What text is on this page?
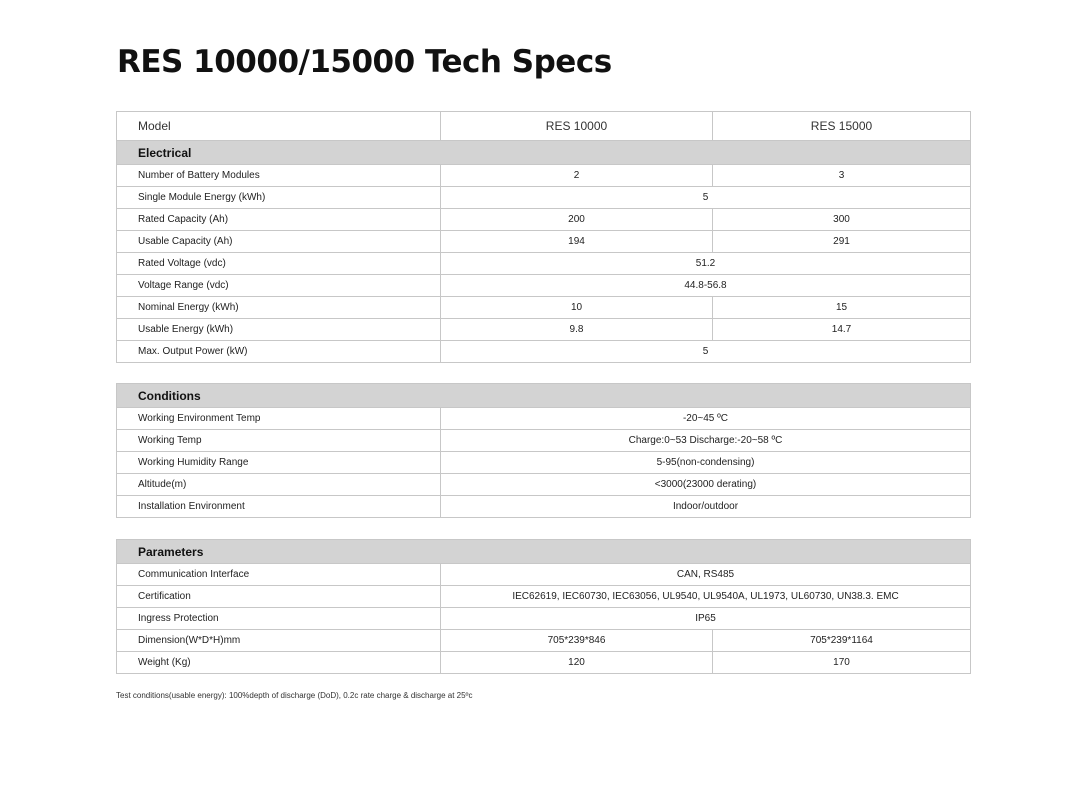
RES 10000/15000 Tech Specs
Model	RES 10000	RES 15000
Electrical		
Number of Battery Modules	2	3
Single Module Energy (kWh)	5	
Rated Capacity (Ah)	200	300
Usable Capacity (Ah)	194	291
Rated Voltage (vdc)	51.2	
Voltage Range (vdc)	44.8-56.8	
Nominal Energy (kWh)	10	15
Usable Energy (kWh)	9.8	14.7
Max. Output Power (kW)	5	
Conditions	
Working Environment Temp	-20~45 ºC
Working Temp	Charge:0~53 Discharge:-20~58 ºC
Working Humidity Range	5-95(non-condensing)
Altitude(m)	<3000(23000 derating)
Installation Environment	Indoor/outdoor
Parameters		
Communication Interface	CAN, RS485	
Certification	IEC62619, IEC60730, IEC63056, UL9540, UL9540A, UL1973, UL60730, UN38.3. EMC	
Ingress Protection	IP65	
Dimension(W*D*H)mm	705*239*846	705*239*1164
Weight (Kg)	120	170
Test conditions(usable energy): 100%depth of discharge (DoD), 0.2c rate charge & discharge at 25ºc
